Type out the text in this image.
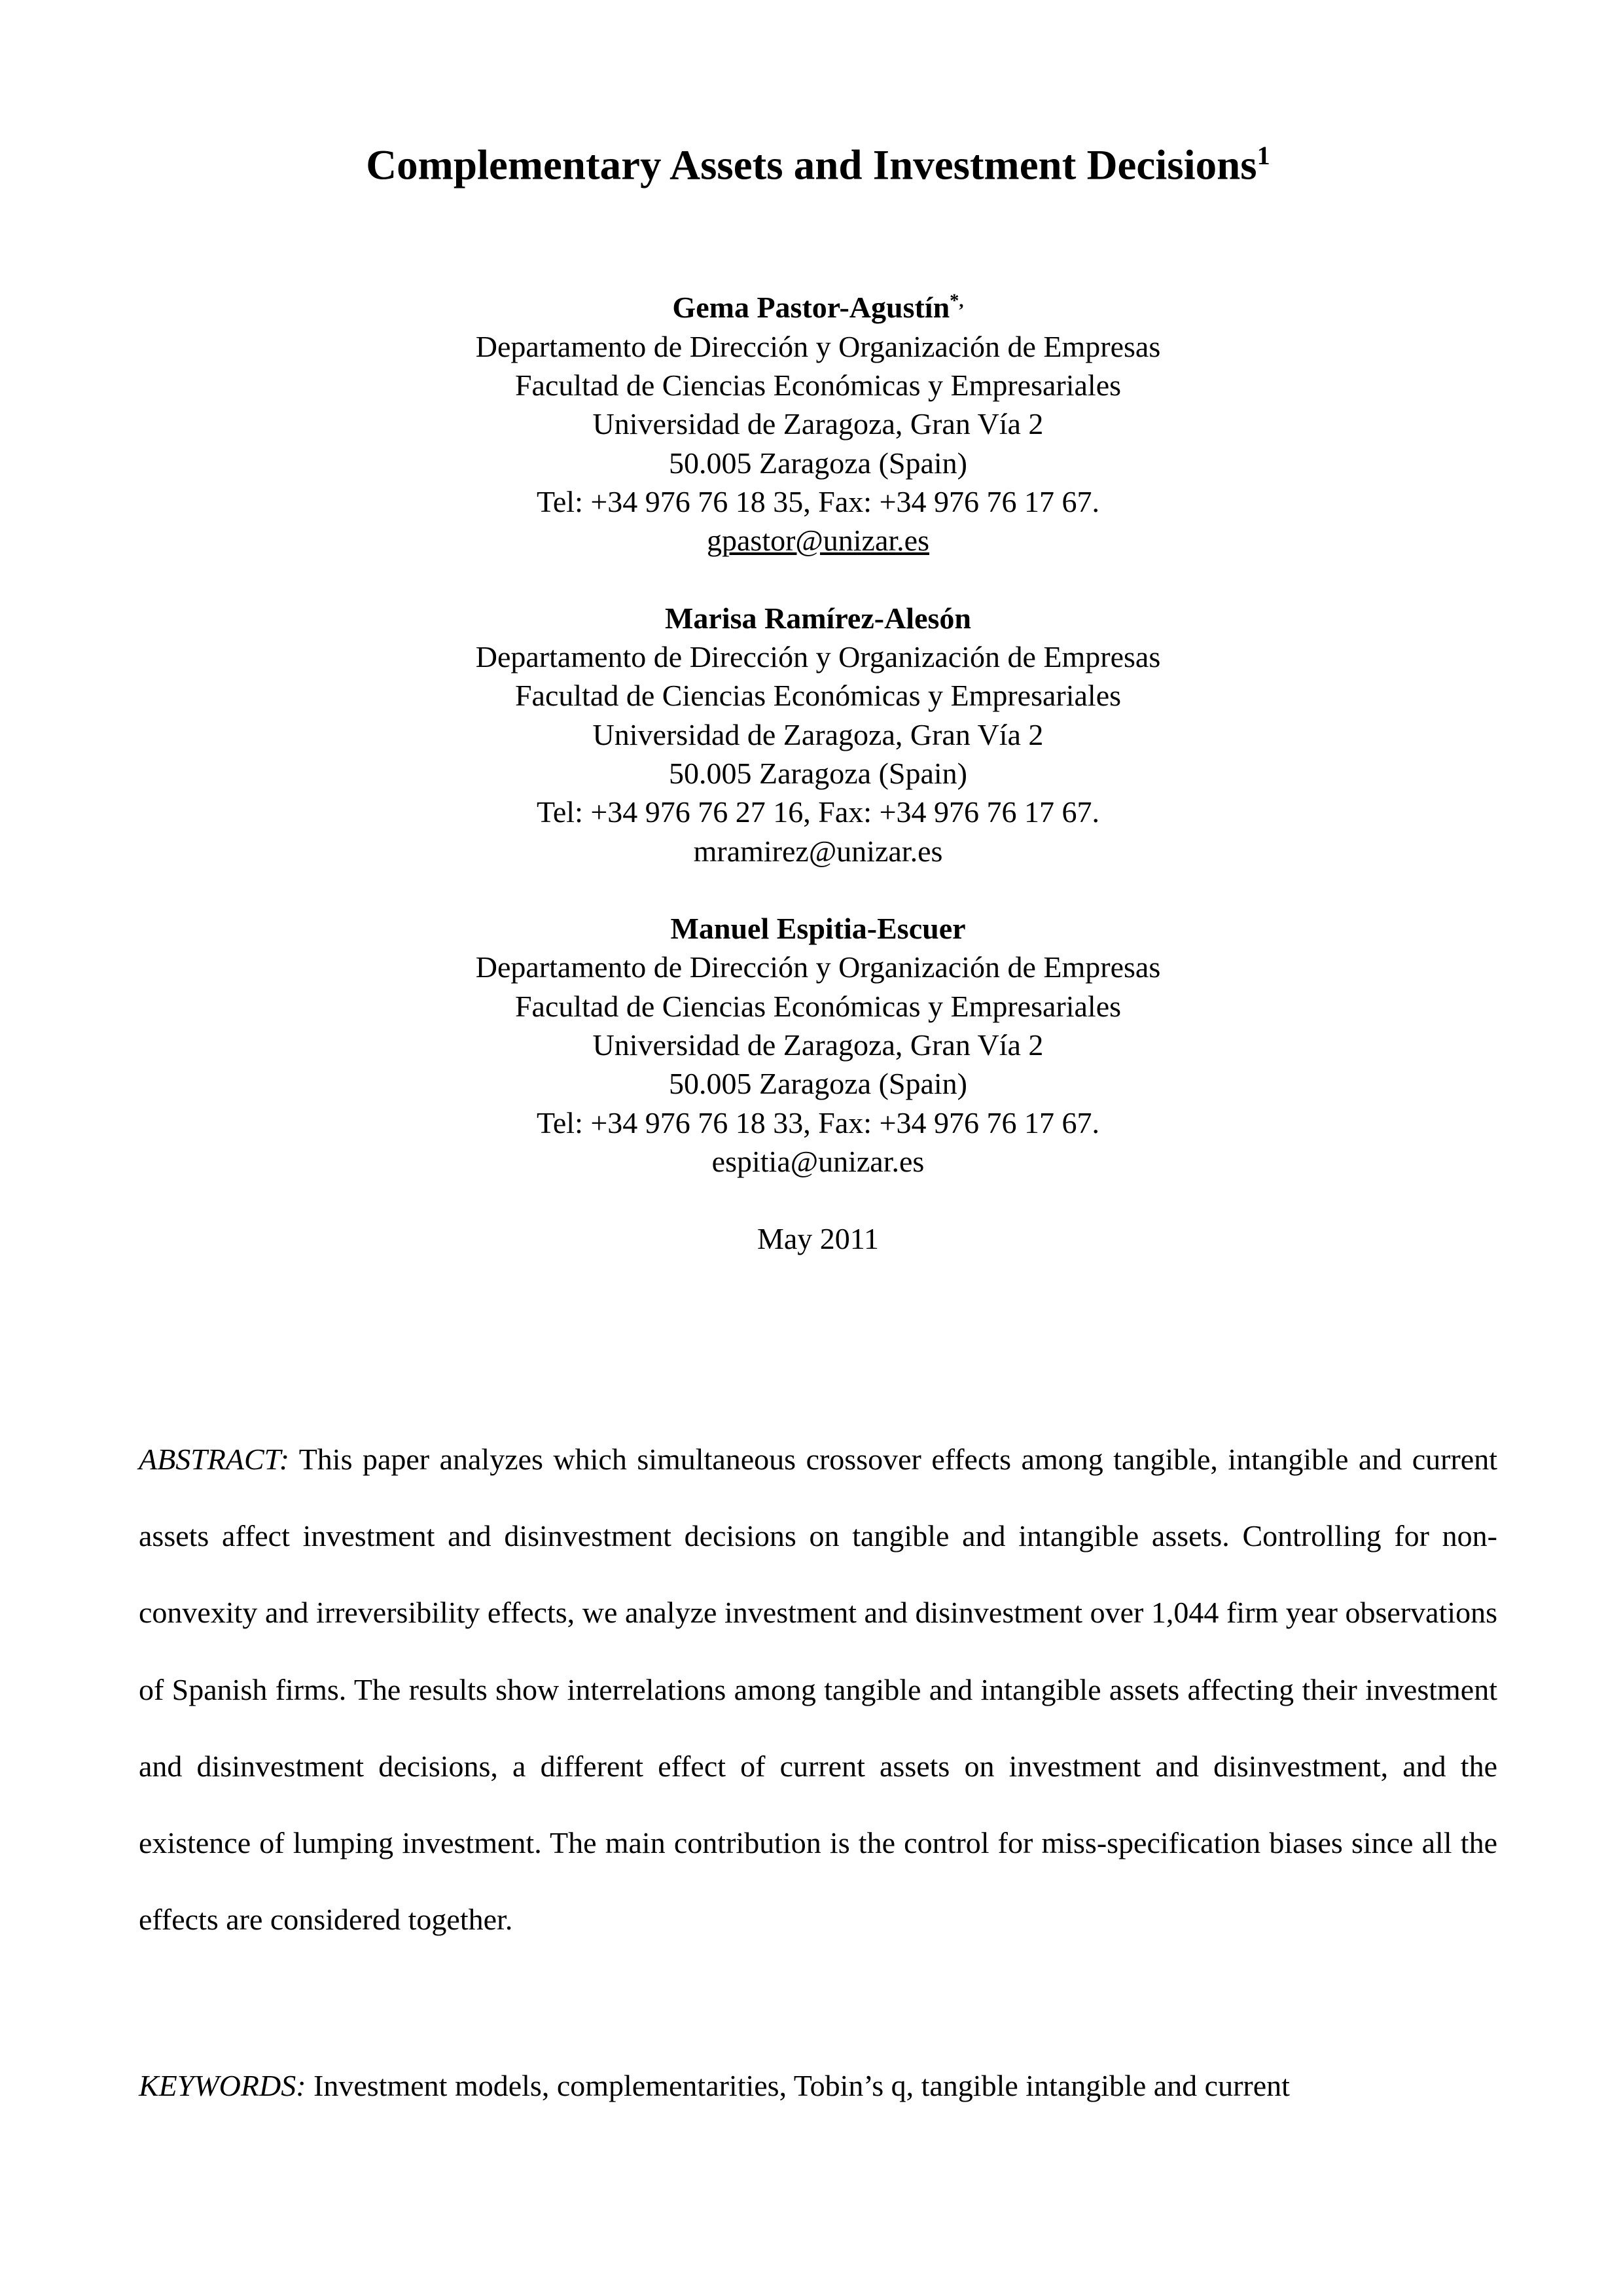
Complementary Assets and Investment Decisions$^1$

Gema Pastor-Agustín*,

Departamento de Dirección y Organización de Empresas

Facultad de Ciencias Económicas y Empresariales

Universidad de Zaragoza, Gran Vía 2

50.005 Zaragoza (Spain)

Tel: +34 976 76 18 35, Fax: +34 976 76 17 67.

gpastor@unizar.es

Marisa Ramírez-Alesón

Departamento de Dirección y Organización de Empresas

Facultad de Ciencias Económicas y Empresariales

Universidad de Zaragoza, Gran Vía 2

50.005 Zaragoza (Spain)

Tel: +34 976 76 27 16, Fax: +34 976 76 17 67.

mramirez@unizar.es

Manuel Espitia-Escuer

Departamento de Dirección y Organización de Empresas

Facultad de Ciencias Económicas y Empresariales

Universidad de Zaragoza, Gran Vía 2

50.005 Zaragoza (Spain)

Tel: +34 976 76 18 33, Fax: +34 976 76 17 67.

espitia@unizar.es

May 2011

ABSTRACT: This paper analyzes which simultaneous crossover effects among tangible, intangible and current assets affect investment and disinvestment decisions on tangible and intangible assets. Controlling for non-convexity and irreversibility effects, we analyze investment and disinvestment over 1,044 firm year observations of Spanish firms. The results show interrelations among tangible and intangible assets affecting their investment and disinvestment decisions, a different effect of current assets on investment and disinvestment, and the existence of lumping investment. The main contribution is the control for miss-specification biases since all the effects are considered together.

KEYWORDS: Investment models, complementarities, Tobin’s q, tangible intangible and current
